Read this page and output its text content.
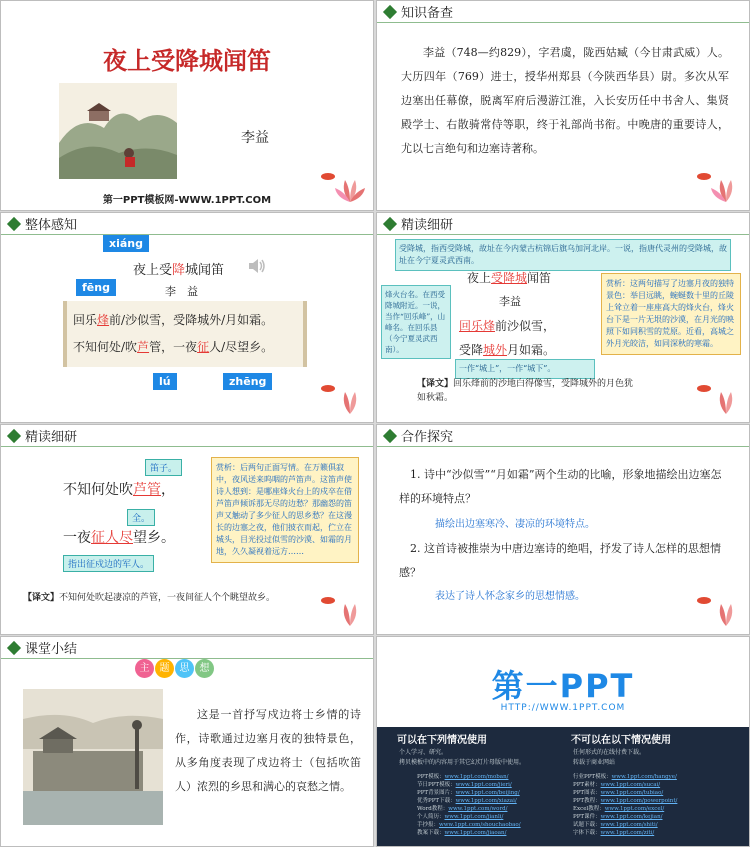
夜上受降城闻笛
李益
第一PPT模板网-WWW.1PPT.COM
知识备查
李益（748—约829），字君虞，陇西姑臧（今甘肃武威）人。大历四年（769）进士，授华州郑县（今陕西华县）尉。多次从军边塞出任幕僚，脱离军府后漫游江淮，入长安历任中书舍人、集贤殿学士、右散骑常侍等职，终于礼部尚书衔。中晚唐的重要诗人，尤以七言绝句和边塞诗著称。
整体感知
xiáng
夜上受降城闻笛
fēng	李　益
回乐烽前/沙似雪，受降城外/月如霜。
不知何处/吹芦管，一夜征人/尽望乡。
lú	zhēng
精读细研
受降城，指西受降城，故址在今内蒙古杭锦后旗乌加河北岸。一说，指唐代灵州的受降城，故址在今宁夏灵武西南。
夜上受降城闻笛
烽火台名。在西受降城附近。一说，当作“回乐峰”，山峰名。在回乐县（今宁夏灵武西南）。
李益
回乐烽前沙似雪，
受降城外月如霜。
一作“城上”，一作“城下”。
赏析：这两句描写了边塞月夜的独特景色：举目远眺，蜿蜒数十里的丘陵上耸立着一座座高大的烽火台，烽火台下是一片无垠的沙漠，在月光的映照下如同积雪的荒原。近看，高城之外月光皎洁，如同深秋的寒霜。
【译文】回乐烽前的沙地白得像雪，受降城外的月色犹如秋霜。
精读细研
笛子。
不知何处吹芦管，
全。
一夜征人尽望乡。
指出征戍边的军人。
赏析：后两句正面写情。在万籁俱寂中，夜风送来呜咽的芦笛声。这笛声使诗人想到：是哪座烽火台上的戍卒在借芦笛声倾诉那无尽的边愁？那幽怨的笛声又触动了多少征人的思乡愁？在这漫长的边塞之夜，他们披衣而起，伫立在城头，目光投过似雪的沙漠、如霜的月地，久久凝视着远方……
【译文】不知何处吹起凄凉的芦管，一夜间征人个个眺望故乡。
合作探究
1. 诗中“沙似雪”“月如霜”两个生动的比喻，形象地描绘出边塞怎样的环境特点？
描绘出边塞寒冷、凄凉的环境特点。
2. 这首诗被推崇为中唐边塞诗的绝唱，抒发了诗人怎样的思想情感？
表达了诗人怀念家乡的思想情感。
课堂小结
主	题	思	想
这是一首抒写戍边将士乡情的诗作，诗歌通过边塞月夜的独特景色，从多角度表现了戍边将士（包括吹笛人）浓烈的乡思和满心的哀愁之情。
第一PPT
HTTP://WWW.1PPT.COM
可以在下列情况使用
个人学习、研究。
拷贝模板中的内容用于其它幻灯片母版中使用。
不可以在以下情况使用
任何形式的在线付费下载。
转载于商业网站
PPT模板：www.1ppt.com/moban/
节日PPT模板：www.1ppt.com/jieri/
PPT背景图片：www.1ppt.com/beijing/
优秀PPT下载：www.1ppt.com/xiazai/
Word教程：www.1ppt.com/word/
个人简历：www.1ppt.com/jianli/
手抄报：www.1ppt.com/shouchaobao/
教案下载：www.1ppt.com/jiaoan/
行业PPT模板：www.1ppt.com/hangye/
PPT素材：www.1ppt.com/sucai/
PPT图表：www.1ppt.com/tubiao/
PPT教程：www.1ppt.com/powerpoint/
Excel教程：www.1ppt.com/excel/
PPT课件：www.1ppt.com/kejian/
试题下载：www.1ppt.com/shiti/
字体下载：www.1ppt.com/ziti/
